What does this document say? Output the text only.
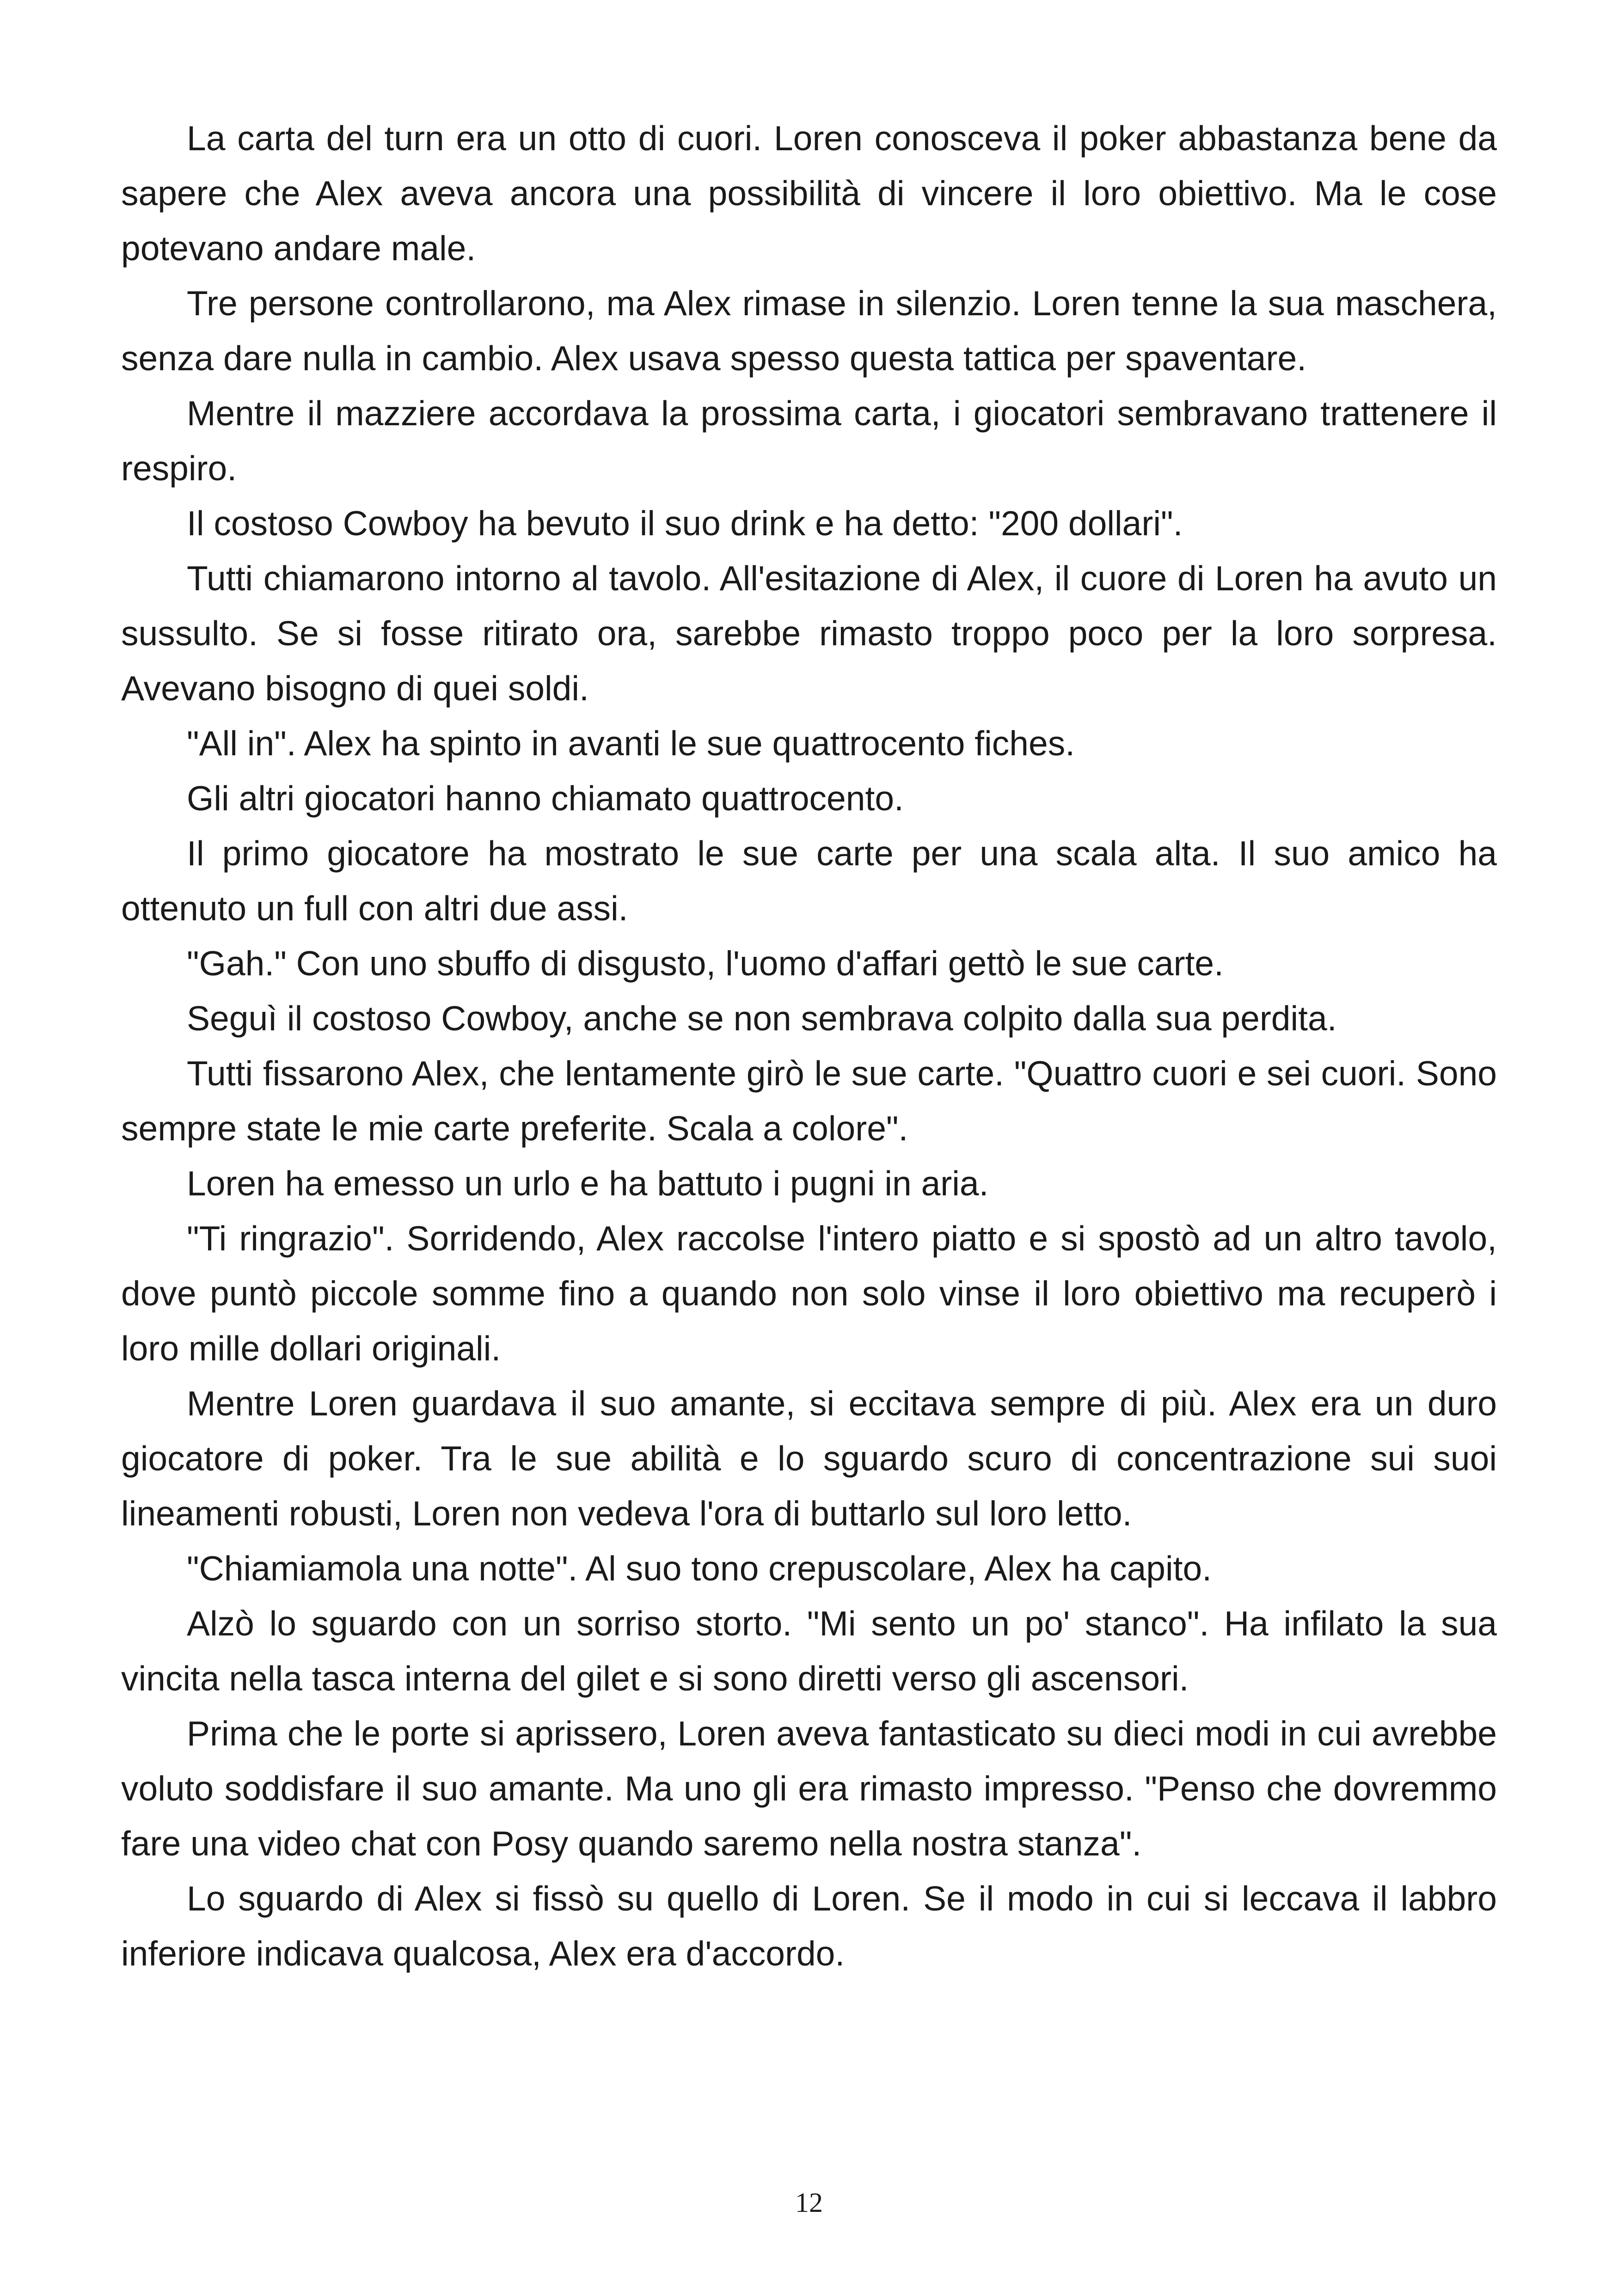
La carta del turn era un otto di cuori. Loren conosceva il poker abbastanza bene da sapere che Alex aveva ancora una possibilità di vincere il loro obiettivo. Ma le cose potevano andare male.

Tre persone controllarono, ma Alex rimase in silenzio. Loren tenne la sua maschera, senza dare nulla in cambio. Alex usava spesso questa tattica per spaventare.

Mentre il mazziere accordava la prossima carta, i giocatori sembravano trattenere il respiro.

Il costoso Cowboy ha bevuto il suo drink e ha detto: "200 dollari".

Tutti chiamarono intorno al tavolo. All'esitazione di Alex, il cuore di Loren ha avuto un sussulto. Se si fosse ritirato ora, sarebbe rimasto troppo poco per la loro sorpresa. Avevano bisogno di quei soldi.

"All in". Alex ha spinto in avanti le sue quattrocento fiches.

Gli altri giocatori hanno chiamato quattrocento.

Il primo giocatore ha mostrato le sue carte per una scala alta. Il suo amico ha ottenuto un full con altri due assi.

"Gah." Con uno sbuffo di disgusto, l'uomo d'affari gettò le sue carte.

Seguì il costoso Cowboy, anche se non sembrava colpito dalla sua perdita.

Tutti fissarono Alex, che lentamente girò le sue carte. "Quattro cuori e sei cuori. Sono sempre state le mie carte preferite. Scala a colore".

Loren ha emesso un urlo e ha battuto i pugni in aria.

"Ti ringrazio". Sorridendo, Alex raccolse l'intero piatto e si spostò ad un altro tavolo, dove puntò piccole somme fino a quando non solo vinse il loro obiettivo ma recuperò i loro mille dollari originali.

Mentre Loren guardava il suo amante, si eccitava sempre di più. Alex era un duro giocatore di poker. Tra le sue abilità e lo sguardo scuro di concentrazione sui suoi lineamenti robusti, Loren non vedeva l'ora di buttarlo sul loro letto.

"Chiamiamola una notte". Al suo tono crepuscolare, Alex ha capito.

Alzò lo sguardo con un sorriso storto. "Mi sento un po' stanco". Ha infilato la sua vincita nella tasca interna del gilet e si sono diretti verso gli ascensori.

Prima che le porte si aprissero, Loren aveva fantasticato su dieci modi in cui avrebbe voluto soddisfare il suo amante. Ma uno gli era rimasto impresso. "Penso che dovremmo fare una video chat con Posy quando saremo nella nostra stanza".

Lo sguardo di Alex si fissò su quello di Loren. Se il modo in cui si leccava il labbro inferiore indicava qualcosa, Alex era d'accordo.

12
